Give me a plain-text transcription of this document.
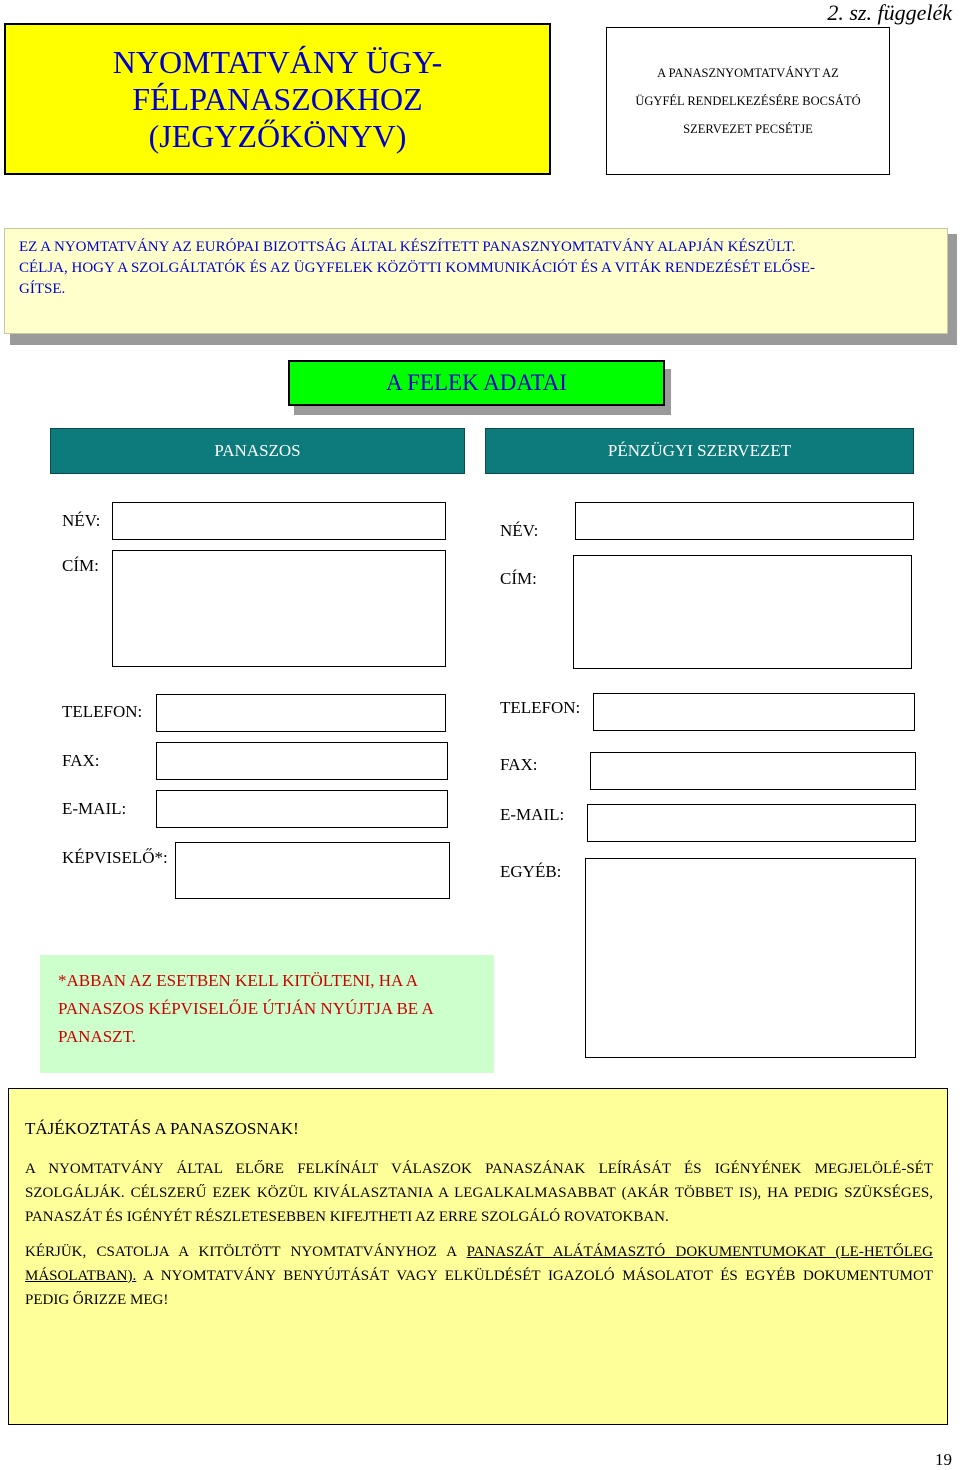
2. sz. függelék
NYOMTATVÁNY ÜGY-
FÉLPANASZOKHOZ
(JEGYZŐKÖNYV)
A PANASZNYOMTATVÁNYT AZ
ÜGYFÉL RENDELKEZÉSÉRE BOCSÁTÓ
SZERVEZET PECSÉTJE
EZ A NYOMTATVÁNY AZ EURÓPAI BIZOTTSÁG ÁLTAL KÉSZÍTETT PANASZNYOMTATVÁNY ALAPJÁN KÉSZÜLT.
CÉLJA, HOGY A SZOLGÁLTATÓK ÉS AZ ÜGYFELEK KÖZÖTTI KOMMUNIKÁCIÓT ÉS A VITÁK RENDEZÉSÉT ELŐSE-
GÍTSE.
A FELEK ADATAI
PANASZOS	PÉNZÜGYI SZERVEZET
NÉV:
CÍM:
TELEFON:
FAX:
E-MAIL:
KÉPVISELŐ*:
NÉV:
CÍM:
TELEFON:
FAX:
E-MAIL:
EGYÉB:
*ABBAN AZ ESETBEN KELL KITÖLTENI, HA A PANASZOS KÉPVISELŐJE ÚTJÁN NYÚJTJA BE A PANASZT.
TÁJÉKOZTATÁS A PANASZOSNAK!

A NYOMTATVÁNY ÁLTAL ELŐRE FELKÍNÁLT VÁLASZOK PANASZÁNAK LEÍRÁSÁT ÉS IGÉNYÉNEK MEGJELÖLÉ-SÉT SZOLGÁLJÁK. CÉLSZERŰ EZEK KÖZÜL KIVÁLASZTANIA A LEGALKALMASABBAT (AKÁR TÖBBET IS), HA PEDIG SZÜKSÉGES, PANASZÁT ÉS IGÉNYÉT RÉSZLETESEBBEN KIFEJTHETI AZ ERRE SZOLGÁLÓ ROVATOKBAN.

KÉRJÜK, CSATOLJA A KITÖLTÖTT NYOMTATVÁNYHOZ A PANASZÁT ALÁTÁMASZTÓ DOKUMENTUMOKAT (LE-HETŐLEG MÁSOLATBAN). A NYOMTATVÁNY BENYÚJTÁSÁT VAGY ELKÜLDÉSÉT IGAZOLÓ MÁSOLATOT ÉS EGYÉB DOKUMENTUMOT PEDIG ŐRIZZE MEG!

19
